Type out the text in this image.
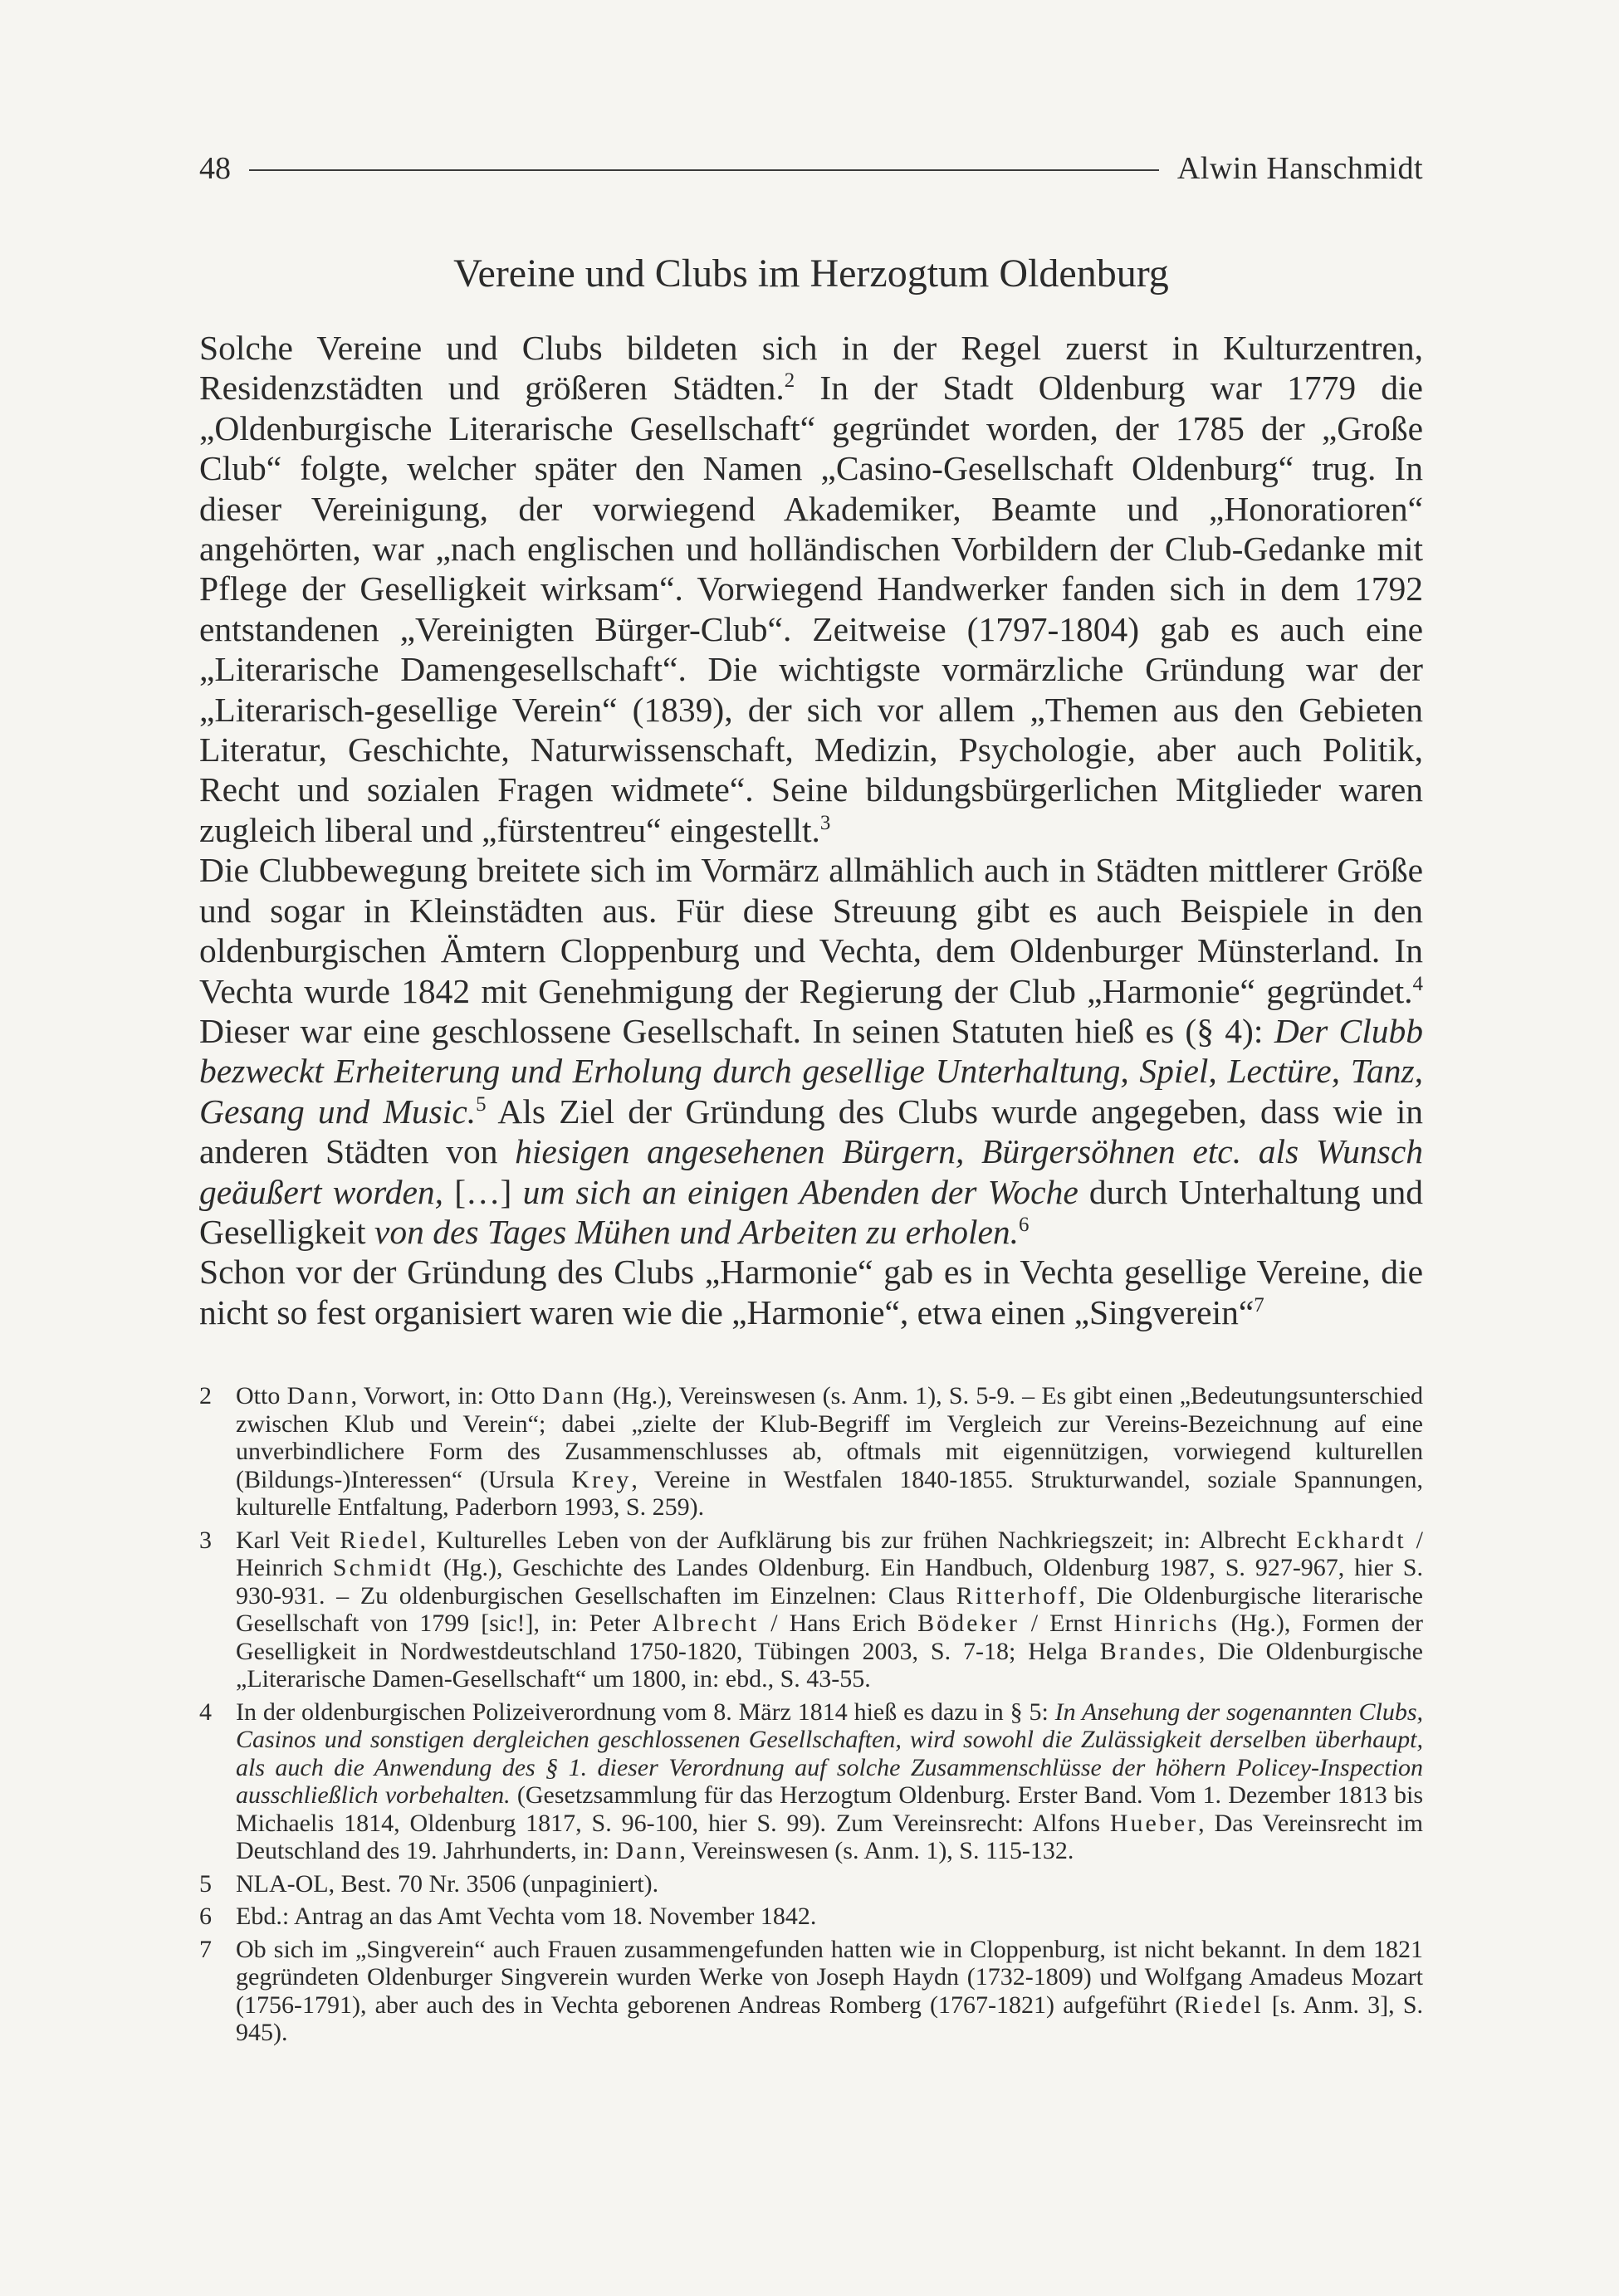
48	Alwin Hanschmidt
Vereine und Clubs im Herzogtum Oldenburg

Solche Vereine und Clubs bildeten sich in der Regel zuerst in Kulturzentren, Residenzstädten und größeren Städten.$^2$ In der Stadt Oldenburg war 1779 die „Oldenburgische Literarische Gesellschaft“ gegründet worden, der 1785 der „Große Club“ folgte, welcher später den Namen „Casino-Gesellschaft Oldenburg“ trug. In dieser Vereinigung, der vorwiegend Akademiker, Beamte und „Honoratioren“ angehörten, war „nach englischen und holländischen Vorbildern der Club-Gedanke mit Pflege der Geselligkeit wirksam“. Vorwiegend Handwerker fanden sich in dem 1792 entstandenen „Vereinigten Bürger-Club“. Zeitweise (1797-1804) gab es auch eine „Literarische Damengesellschaft“. Die wichtigste vormärzliche Gründung war der „Literarisch-gesellige Verein“ (1839), der sich vor allem „Themen aus den Gebieten Literatur, Geschichte, Naturwissenschaft, Medizin, Psychologie, aber auch Politik, Recht und sozialen Fragen widmete“. Seine bildungsbürgerlichen Mitglieder waren zugleich liberal und „fürstentreu“ eingestellt.$^3$

Die Clubbewegung breitete sich im Vormärz allmählich auch in Städten mittlerer Größe und sogar in Kleinstädten aus. Für diese Streuung gibt es auch Beispiele in den oldenburgischen Ämtern Cloppenburg und Vechta, dem Oldenburger Münsterland. In Vechta wurde 1842 mit Genehmigung der Regierung der Club „Harmonie“ gegründet.$^4$ Dieser war eine geschlossene Gesellschaft. In seinen Statuten hieß es (§ 4): Der Clubb bezweckt Erheiterung und Erholung durch gesellige Unterhaltung, Spiel, Lectüre, Tanz, Gesang und Music.$^5$ Als Ziel der Gründung des Clubs wurde angegeben, dass wie in anderen Städten von hiesigen angesehenen Bürgern, Bürgersöhnen etc. als Wunsch geäußert worden, […] um sich an einigen Abenden der Woche durch Unterhaltung und Geselligkeit von des Tages Mühen und Arbeiten zu erholen.$^6$

Schon vor der Gründung des Clubs „Harmonie“ gab es in Vechta gesellige Vereine, die nicht so fest organisiert waren wie die „Harmonie“, etwa einen „Singverein“$^7$

2 Otto Dann, Vorwort, in: Otto Dann (Hg.), Vereinswesen (s. Anm. 1), S. 5-9. – Es gibt einen „Bedeutungsunterschied zwischen Klub und Verein“; dabei „zielte der Klub-Begriff im Vergleich zur Vereins-Bezeichnung auf eine unverbindlichere Form des Zusammenschlusses ab, oftmals mit eigennützigen, vorwiegend kulturellen (Bildungs-)Interessen“ (Ursula Krey, Vereine in Westfalen 1840-1855. Strukturwandel, soziale Spannungen, kulturelle Entfaltung, Paderborn 1993, S. 259).
3 Karl Veit Riedel, Kulturelles Leben von der Aufklärung bis zur frühen Nachkriegszeit; in: Albrecht Eckhardt / Heinrich Schmidt (Hg.), Geschichte des Landes Oldenburg. Ein Handbuch, Oldenburg 1987, S. 927-967, hier S. 930-931. – Zu oldenburgischen Gesellschaften im Einzelnen: Claus Ritterhoff, Die Oldenburgische literarische Gesellschaft von 1799 [sic!], in: Peter Albrecht / Hans Erich Bödeker / Ernst Hinrichs (Hg.), Formen der Geselligkeit in Nordwestdeutschland 1750-1820, Tübingen 2003, S. 7-18; Helga Brandes, Die Oldenburgische „Literarische Damen-Gesellschaft“ um 1800, in: ebd., S. 43-55.
4 In der oldenburgischen Polizeiverordnung vom 8. März 1814 hieß es dazu in § 5: In Ansehung der sogenannten Clubs, Casinos und sonstigen dergleichen geschlossenen Gesellschaften, wird sowohl die Zulässigkeit derselben überhaupt, als auch die Anwendung des § 1. dieser Verordnung auf solche Zusammenschlüsse der höhern Policey-Inspection ausschließlich vorbehalten. (Gesetzsammlung für das Herzogtum Oldenburg. Erster Band. Vom 1. Dezember 1813 bis Michaelis 1814, Oldenburg 1817, S. 96-100, hier S. 99). Zum Vereinsrecht: Alfons Hueber, Das Vereinsrecht im Deutschland des 19. Jahrhunderts, in: Dann, Vereinswesen (s. Anm. 1), S. 115-132.
5 NLA-OL, Best. 70 Nr. 3506 (unpaginiert).
6 Ebd.: Antrag an das Amt Vechta vom 18. November 1842.
7 Ob sich im „Singverein“ auch Frauen zusammengefunden hatten wie in Cloppenburg, ist nicht bekannt. In dem 1821 gegründeten Oldenburger Singverein wurden Werke von Joseph Haydn (1732-1809) und Wolfgang Amadeus Mozart (1756-1791), aber auch des in Vechta geborenen Andreas Romberg (1767-1821) aufgeführt (Riedel [s. Anm. 3], S. 945).
